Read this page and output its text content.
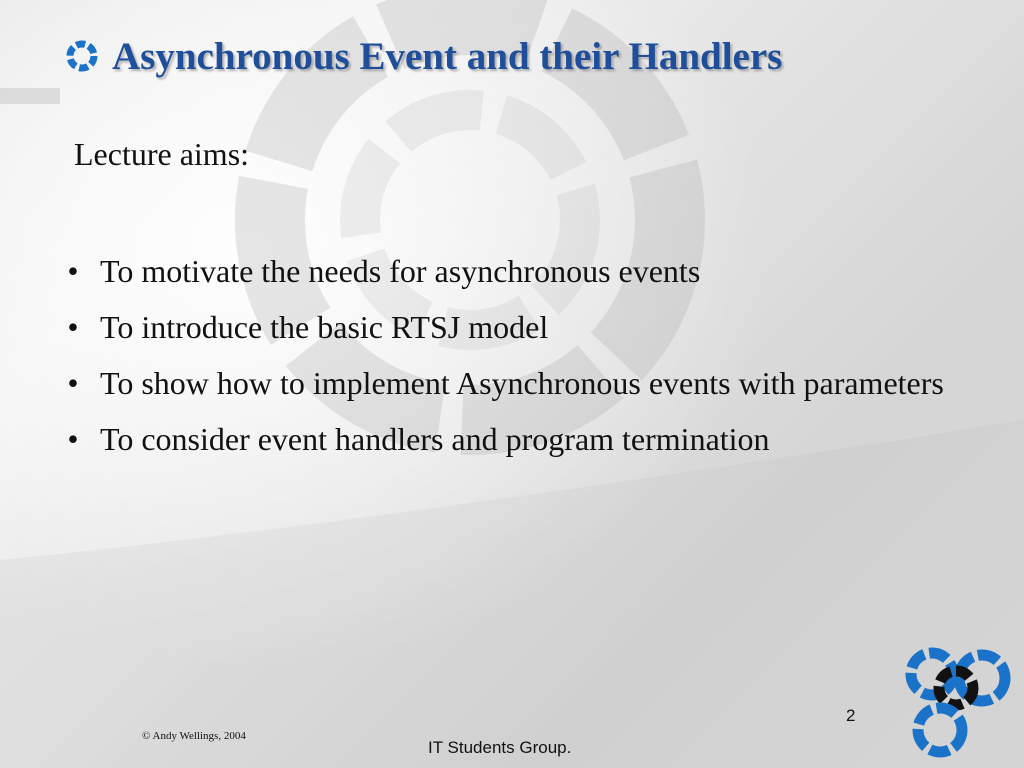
Asynchronous Event and their Handlers
Lecture aims:
• To motivate the needs for asynchronous events
• To introduce the basic RTSJ model
• To show how to implement Asynchronous events with parameters
• To consider event handlers and program termination
© Andy Wellings, 2004
IT Students Group.
2
